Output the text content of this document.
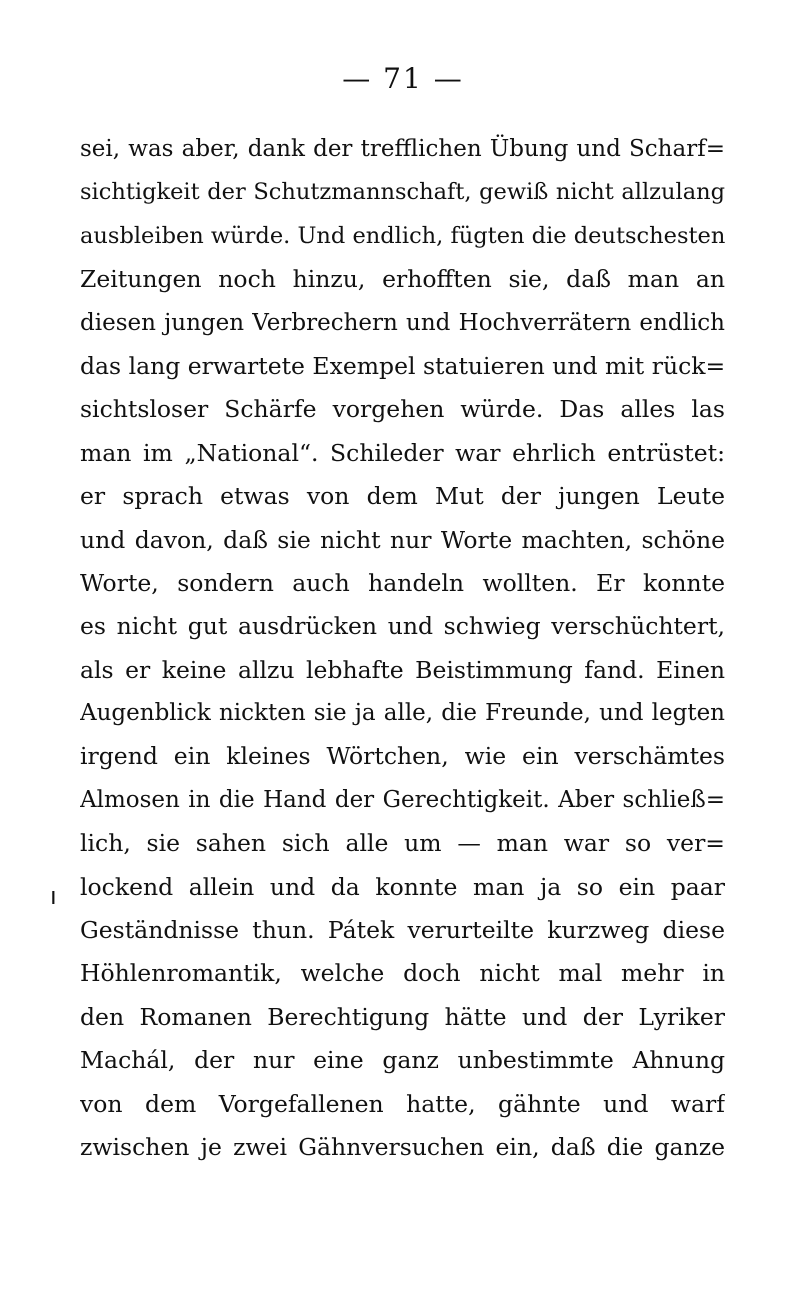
— 71 —
ı
sei, was aber, dank der trefflichen Übung und Scharf=
sichtigkeit der Schutzmannschaft, gewiß nicht allzulang
ausbleiben würde. Und endlich, fügten die deutschesten
Zeitungen noch hinzu, erhofften sie, daß man an
diesen jungen Verbrechern und Hochverrätern endlich
das lang erwartete Exempel statuieren und mit rück=
sichtsloser Schärfe vorgehen würde. Das alles las
man im „National“. Schileder war ehrlich entrüstet:
er sprach etwas von dem Mut der jungen Leute
und davon, daß sie nicht nur Worte machten, schöne
Worte, sondern auch handeln wollten. Er konnte
es nicht gut ausdrücken und schwieg verschüchtert,
als er keine allzu lebhafte Beistimmung fand. Einen
Augenblick nickten sie ja alle, die Freunde, und legten
irgend ein kleines Wörtchen, wie ein verschämtes
Almosen in die Hand der Gerechtigkeit. Aber schließ=
lich, sie sahen sich alle um — man war so ver=
lockend allein und da konnte man ja so ein paar
Geständnisse thun. Pátek verurteilte kurzweg diese
Höhlenromantik, welche doch nicht mal mehr in
den Romanen Berechtigung hätte und der Lyriker
Machál, der nur eine ganz unbestimmte Ahnung
von dem Vorgefallenen hatte, gähnte und warf
zwischen je zwei Gähnversuchen ein, daß die ganze
